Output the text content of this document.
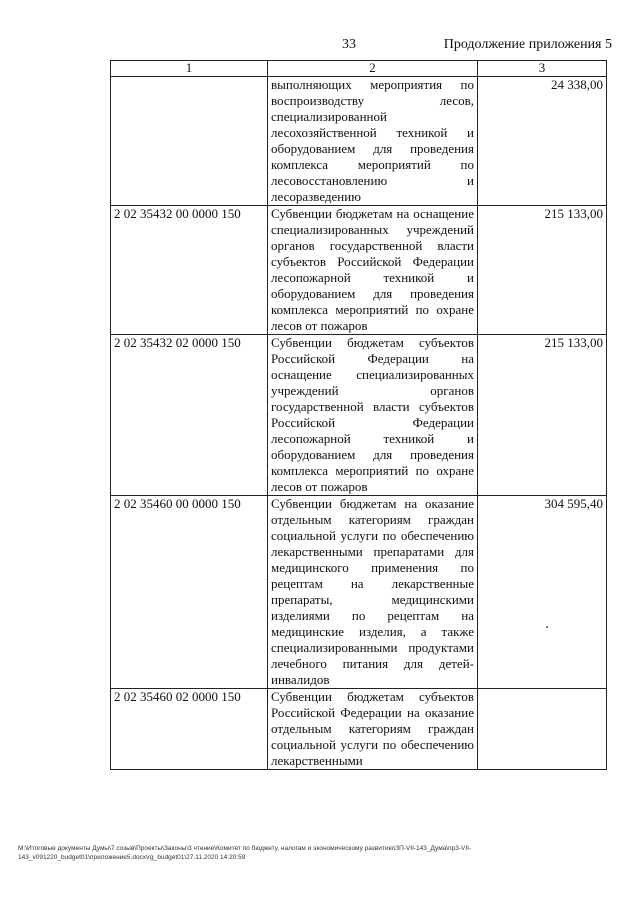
33	Продолжение приложения 5
1	2	3
	выполняющих мероприятия по воспроизводству лесов, специализированной лесохозяйственной техникой и оборудованием для проведения комплекса мероприятий по лесовосстановлению и лесоразведению	24 338,00
2 02 35432 00 0000 150	Субвенции бюджетам на оснащение специализированных учреждений органов государственной власти субъектов Российской Федерации лесопожарной техникой и оборудованием для проведения комплекса мероприятий по охране лесов от пожаров	215 133,00
2 02 35432 02 0000 150	Субвенции бюджетам субъектов Российской Федерации на оснащение специализированных учреждений органов государственной власти субъектов Российской Федерации лесопожарной техникой и оборудованием для проведения комплекса мероприятий по охране лесов от пожаров	215 133,00
2 02 35460 00 0000 150	Субвенции бюджетам на оказание отдельным категориям граждан социальной услуги по обеспечению лекарственными препаратами для медицинского применения по рецептам на лекарственные препараты, медицинскими изделиями по рецептам на медицинские изделия, а также специализированными продуктами лечебного питания для детей-инвалидов	304 595,40
2 02 35460 02 0000 150	Субвенции бюджетам субъектов Российской Федерации на оказание отдельным категориям граждан социальной услуги по обеспечению лекарственными	
М:\Итоговые документы Думы\7 созыв\Проекты\Законы\3 чтение\Комитет по бюджету, налогам и экономическому развитию\ЗП-VII-143_Дума\пр3-VII-143_v091220_budget01\приложение5.docx\rg_budget01\27.11.2020 14:20:59
